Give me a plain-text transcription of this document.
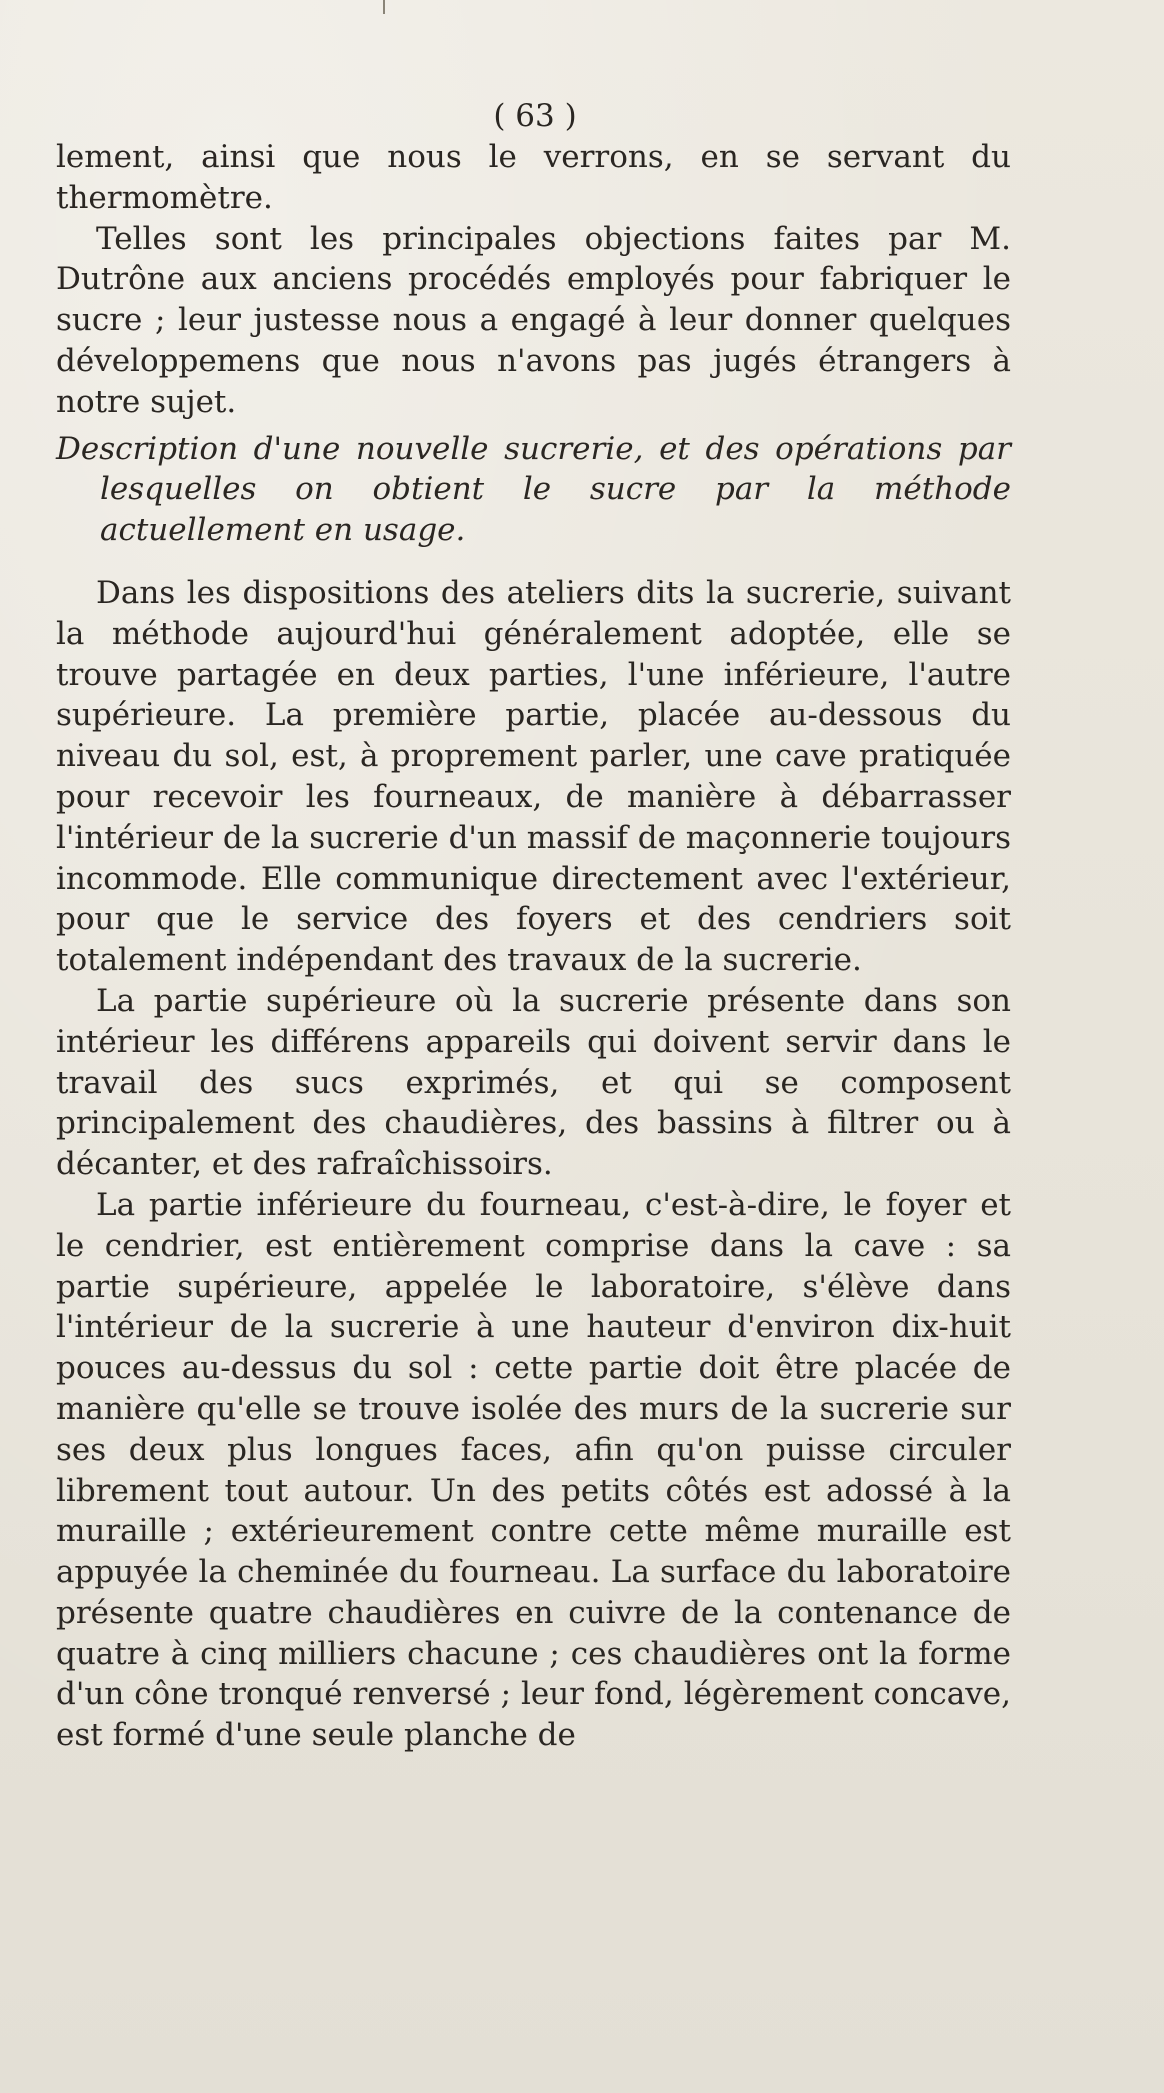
( 63 )

lement, ainsi que nous le verrons, en se servant du thermomètre.

Telles sont les principales objections faites par M. Dutrône aux anciens procédés employés pour fabriquer le sucre ; leur justesse nous a engagé à leur donner quelques développemens que nous n'avons pas jugés étrangers à notre sujet.

Description d'une nouvelle sucrerie, et des opérations par lesquelles on obtient le sucre par la méthode actuellement en usage.

Dans les dispositions des ateliers dits la sucrerie, suivant la méthode aujourd'hui généralement adoptée, elle se trouve partagée en deux parties, l'une inférieure, l'autre supérieure. La première partie, placée au-dessous du niveau du sol, est, à proprement parler, une cave pratiquée pour recevoir les fourneaux, de manière à débarrasser l'intérieur de la sucrerie d'un massif de maçonnerie toujours incommode. Elle communique directement avec l'extérieur, pour que le service des foyers et des cendriers soit totalement indépendant des travaux de la sucrerie.

La partie supérieure où la sucrerie présente dans son intérieur les différens appareils qui doivent servir dans le travail des sucs exprimés, et qui se composent principalement des chaudières, des bassins à filtrer ou à décanter, et des rafraîchissoirs.

La partie inférieure du fourneau, c'est-à-dire, le foyer et le cendrier, est entièrement comprise dans la cave : sa partie supérieure, appelée le laboratoire, s'élève dans l'intérieur de la sucrerie à une hauteur d'environ dix-huit pouces au-dessus du sol : cette partie doit être placée de manière qu'elle se trouve isolée des murs de la sucrerie sur ses deux plus longues faces, afin qu'on puisse circuler librement tout autour. Un des petits côtés est adossé à la muraille ; extérieurement contre cette même muraille est appuyée la cheminée du fourneau. La surface du laboratoire présente quatre chaudières en cuivre de la contenance de quatre à cinq milliers chacune ; ces chaudières ont la forme d'un cône tronqué renversé ; leur fond, légèrement concave, est formé d'une seule planche de
